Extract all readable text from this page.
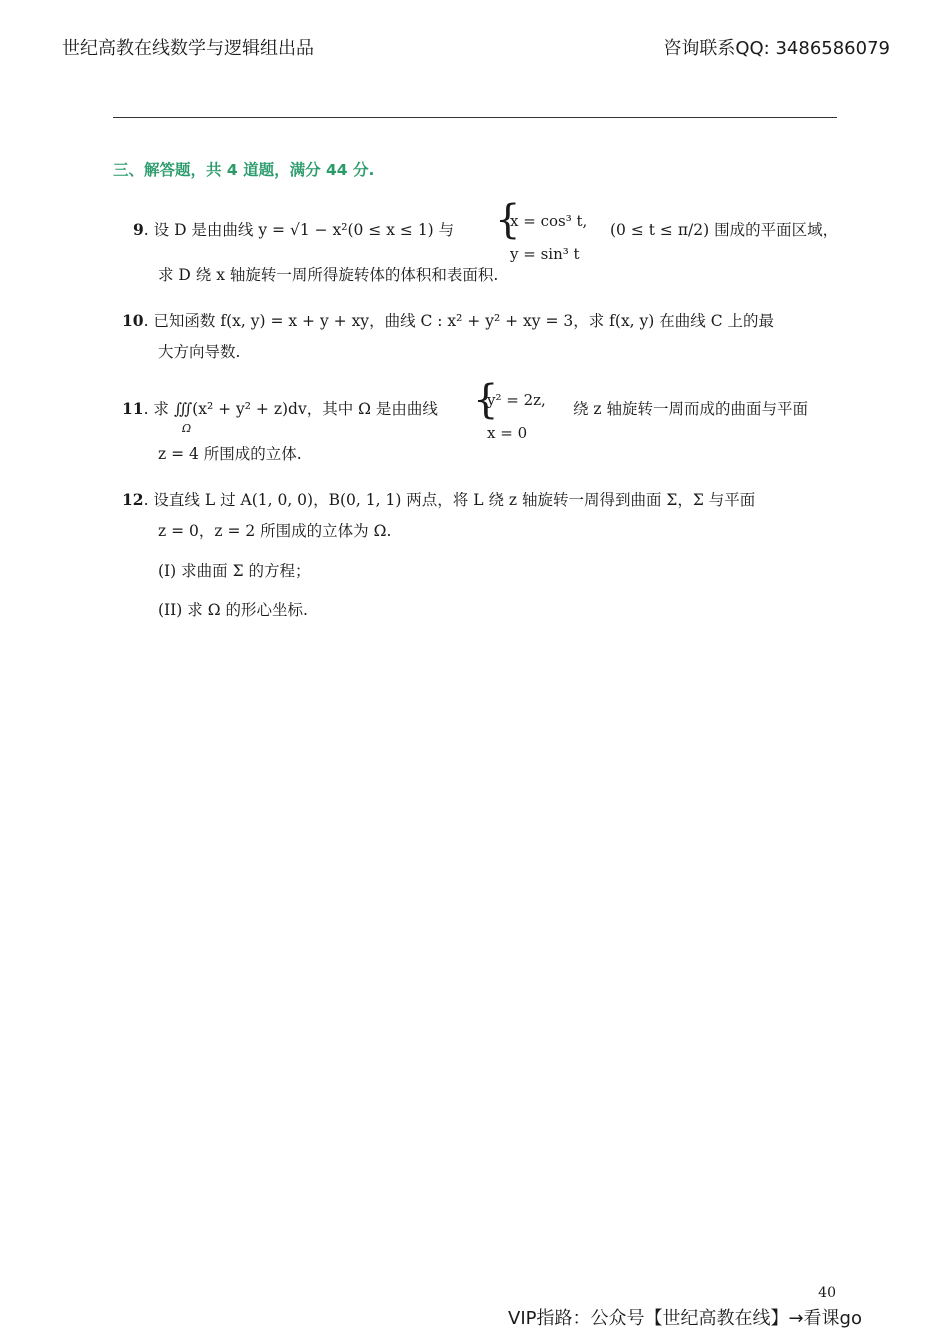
世纪高教在线数学与逻辑组出品	咨询联系QQ: 3486586079
三、解答题，共 4 道题，满分 44 分.
9. 设 D 是由曲线 y = √1 − x²(0 ≤ x ≤ 1) 与 {
x = cos³ t,
y = sin³ t
(0 ≤ t ≤ π/2) 围成的平面区域，
求 D 绕 x 轴旋转一周所得旋转体的体积和表面积.
10. 已知函数 f(x, y) = x + y + xy，曲线 C : x² + y² + xy = 3，求 f(x, y) 在曲线 C 上的最
大方向导数.
11. 求 ∭(x² + y² + z)dv，其中 Ω 是由曲线
Ω
{
y² = 2z,
x = 0
绕 z 轴旋转一周而成的曲面与平面
z = 4 所围成的立体.
12. 设直线 L 过 A(1, 0, 0)，B(0, 1, 1) 两点，将 L 绕 z 轴旋转一周得到曲面 Σ，Σ 与平面
z = 0，z = 2 所围成的立体为 Ω.
(I) 求曲面 Σ 的方程；
(II) 求 Ω 的形心坐标.
40
VIP指路：公众号【世纪高教在线】→看课go
